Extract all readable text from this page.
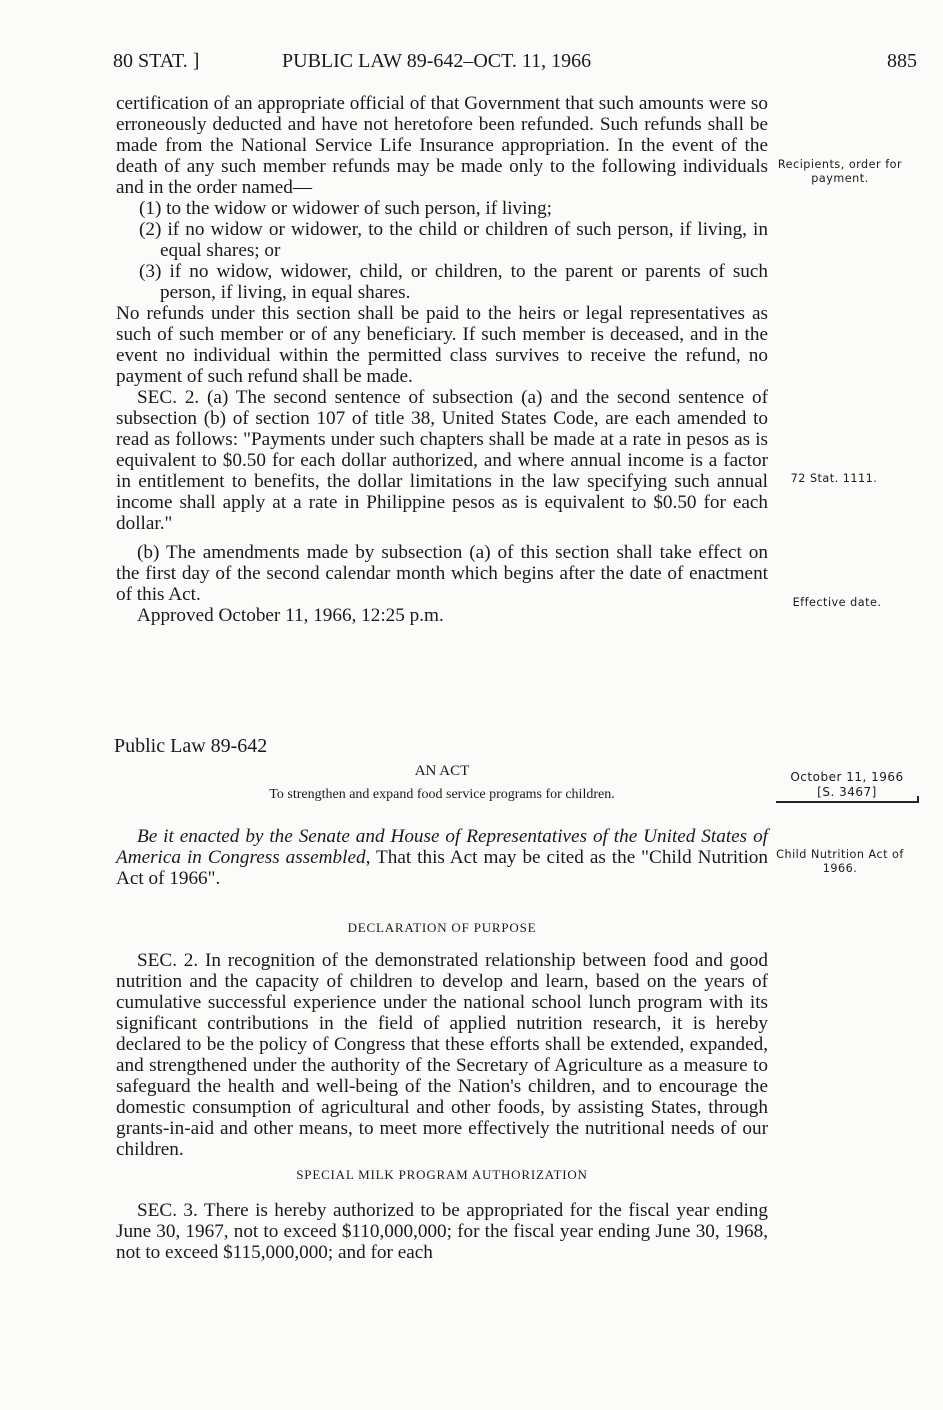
80 STAT. ]	PUBLIC LAW 89-642–OCT. 11, 1966	885

certification of an appropriate official of that Government that such amounts were so erroneously deducted and have not heretofore been refunded. Such refunds shall be made from the National Service Life Insurance appropriation. In the event of the death of any such member refunds may be made only to the following individuals and in the order named—

(1) to the widow or widower of such person, if living;

(2) if no widow or widower, to the child or children of such person, if living, in equal shares; or

(3) if no widow, widower, child, or children, to the parent or parents of such person, if living, in equal shares.

No refunds under this section shall be paid to the heirs or legal representatives as such of such member or of any beneficiary. If such member is deceased, and in the event no individual within the permitted class survives to receive the refund, no payment of such refund shall be made.

SEC. 2. (a) The second sentence of subsection (a) and the second sentence of subsection (b) of section 107 of title 38, United States Code, are each amended to read as follows: "Payments under such chapters shall be made at a rate in pesos as is equivalent to $0.50 for each dollar authorized, and where annual income is a factor in entitlement to benefits, the dollar limitations in the law specifying such annual income shall apply at a rate in Philippine pesos as is equivalent to $0.50 for each dollar."

(b) The amendments made by subsection (a) of this section shall take effect on the first day of the second calendar month which begins after the date of enactment of this Act.

Approved October 11, 1966, 12:25 p.m.

Public Law 89-642
AN ACT
To strengthen and expand food service programs for children.

Be it enacted by the Senate and House of Representatives of the United States of America in Congress assembled, That this Act may be cited as the "Child Nutrition Act of 1966".

DECLARATION OF PURPOSE

SEC. 2. In recognition of the demonstrated relationship between food and good nutrition and the capacity of children to develop and learn, based on the years of cumulative successful experience under the national school lunch program with its significant contributions in the field of applied nutrition research, it is hereby declared to be the policy of Congress that these efforts shall be extended, expanded, and strengthened under the authority of the Secretary of Agriculture as a measure to safeguard the health and well-being of the Nation's children, and to encourage the domestic consumption of agricultural and other foods, by assisting States, through grants-in-aid and other means, to meet more effectively the nutritional needs of our children.

SPECIAL MILK PROGRAM AUTHORIZATION

SEC. 3. There is hereby authorized to be appropriated for the fiscal year ending June 30, 1967, not to exceed $110,000,000; for the fiscal year ending June 30, 1968, not to exceed $115,000,000; and for each

Recipients, order for payment.
72 Stat. 1111.
Effective date.
October 11, 1966
[S. 3467]
Child Nutrition Act of 1966.
